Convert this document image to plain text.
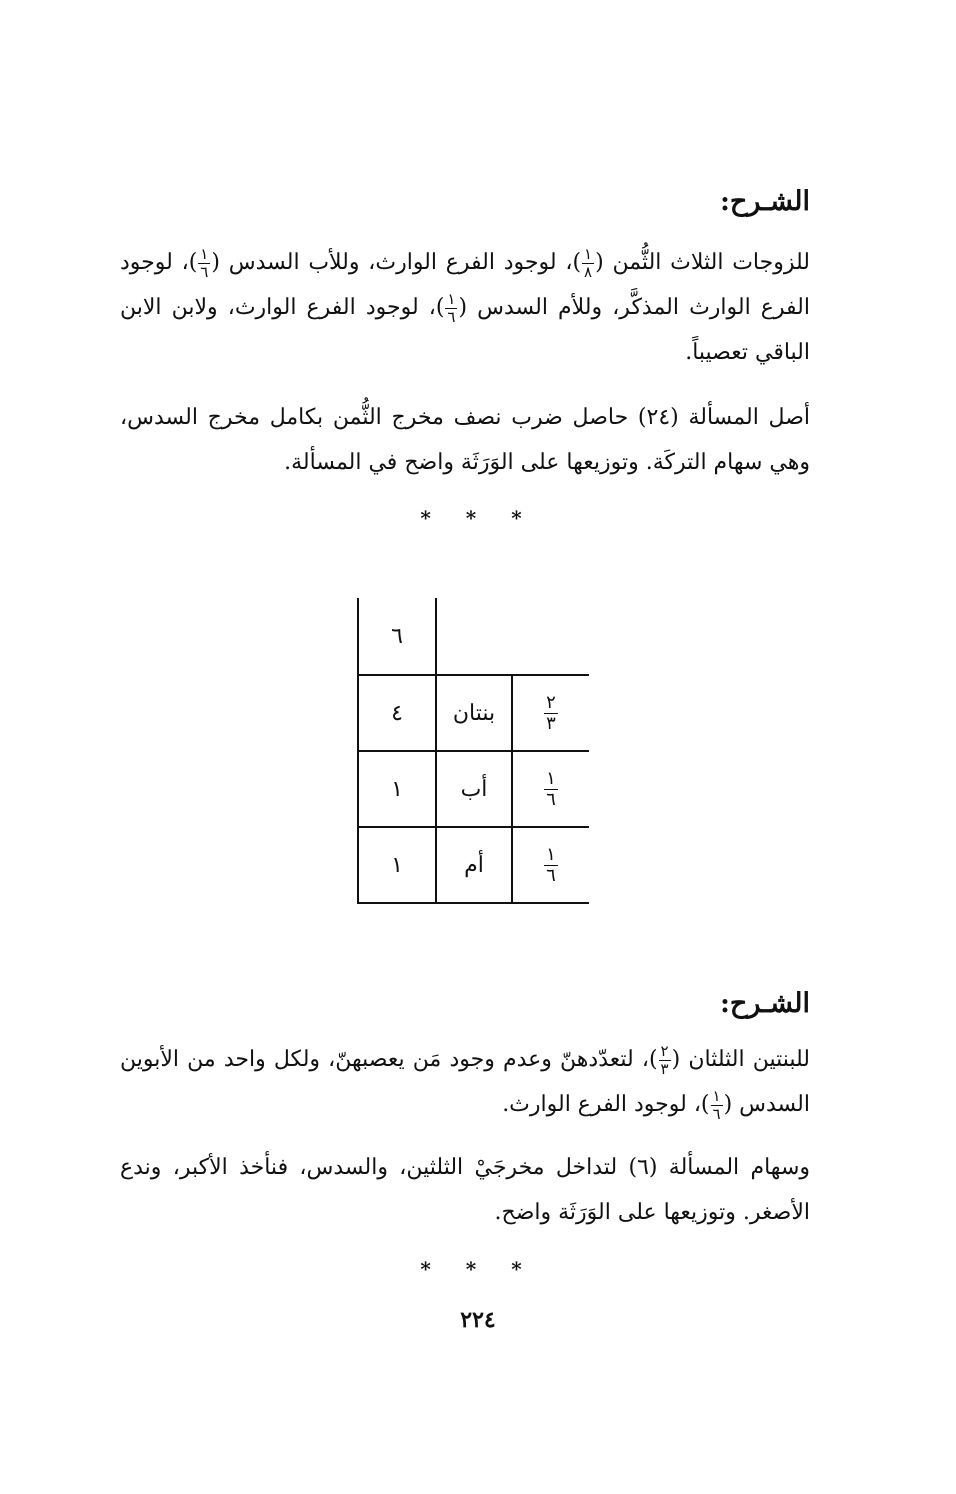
الشـرح:

للزوجات الثلاث الثُّمن (
$\frac{١}{٨}$
)، لوجود الفرع الوارث، وللأب السدس (
$\frac{١}{٦}$
)، لوجود الفرع الوارث المذكَّر، وللأم السدس (
$\frac{١}{٦}$
)، لوجود الفرع الوارث، ولابن الابن الباقي تعصيباً.

أصل المسألة (٢٤) حاصل ضرب نصف مخرج الثُّمن بكامل مخرج السدس، وهي سهام التركَة. وتوزيعها على الوَرَثَة واضح في المسألة.

* * *
٦
٤	بنتان	$\frac{٢}{٣}$
١	أب	$\frac{١}{٦}$
١	أم	$\frac{١}{٦}$
الشـرح:

للبنتين الثلثان (
$\frac{٢}{٣}$
)، لتعدّدهنّ وعدم وجود مَن يعصبهنّ، ولكل واحد من الأبوين السدس (
$\frac{١}{٦}$
)، لوجود الفرع الوارث.

وسهام المسألة (٦) لتداخل مخرجَيْ الثلثين، والسدس، فنأخذ الأكبر، وندع الأصغر. وتوزيعها على الوَرَثَة واضح.

* * *
٢٢٤
